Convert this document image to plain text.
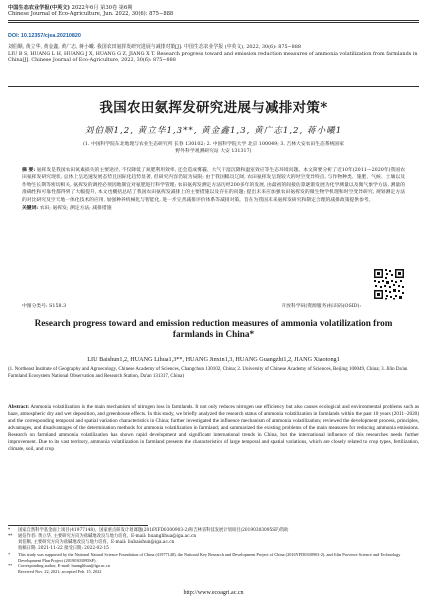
中国生态农业学报(中英文) 2022年6月 第30卷 第6期
Chinese Journal of Eco-Agriculture, Jun. 2022, 30(6): 875−888
DOI: 10.12357/cjea.20210820
刘伯顺, 黄立华, 黄金鑫, 黄广志, 蒋小曦. 我国农田氨挥发研究进展与减排对策[J]. 中国生态农业学报 (中英文), 2022, 30(6): 875−888
LIU B S, HUANG L H, HUANG J X, HUANG G Z, JIANG X T. Research progress toward and emission reduction measures of ammonia volatilization from farmlands in China[J]. Chinese Journal of Eco-Agriculture, 2022, 30(6): 875−888
我国农田氨挥发研究进展与减排对策*
刘伯顺1,2, 黄立华1,3**, 黄金鑫1,3, 黄广志1,2, 蒋小曦1
(1. 中国科学院东北地理与农业生态研究所 长春 130102; 2. 中国科学院大学 北京 100049; 3. 吉林大安农田生态系统国家
野外科学观测研究站 大安 131317)

摘 要: 氨挥发是我国农田氮素损失的主要途径, 不仅降低了氮肥利用效率, 还会造成雾霾、大气干湿沉降和温室效应等生态环境问题。本文简要分析了近10年(2011—2020年)我国农田氨挥发研究现状, 总体上呈迅速发展态势且国际化趋势显著, 但研究内容仍较为局限; 由于我国幅员辽阔, 农田氨挥发呈现较大的时空变异特点, 与作物种类、施肥、气候、土壤以及作物生长期等密切相关, 氨挥发的调控必须因地制宜对氨肥进行科学管理; 农田氨挥发测定方法历经200多年的发展, 由最初的间接估算逐渐发展为化学测量以及微气象学方法, 测量的准确性和可靠性都得到了大幅提升, 本文也概括总结了我国农田氨挥发减排上的主要措施以及存在的问题; 提出未来应加强农田氨挥发的微生物学机理和时空变异研究, 规划测定方法的对比研究及空天地一体化技术的应用, 加强种养机械化与智能化, 进一步完善减排评价体系等减排对策。旨在为我国未来氨挥发研究和制定合理的减排政策提供参考。

关键词: 农田; 氨挥发; 测定方法; 减排措施

中图分类号: S158.3	开放科学码(资源服务)标识码(OSID):
Research progress toward and emission reduction measures of ammonia volatilization from farmlands in China*
LIU Baishun1,2, HUANG Lihua1,3**, HUANG Jinxin1,3, HUANG Guangzhi1,2, JIANG Xiaotong1
(1. Northeast Institute of Geography and Agroecology, Chinese Academy of Sciences, Changchun 130102, China; 2. University of Chinese Academy of Sciences, Beijing 100049, China; 3. Jilin Da'an Farmland Ecosystem National Observation and Research Station, Da'an 131317, China)
Abstract: Ammonia volatilization is the main mechanism of nitrogen loss in farmlands. It not only reduces nitrogen use efficiency but also causes ecological and environmental problems such as haze, atmospheric dry and wet deposition, and greenhouse effects. In this study, we briefly analyzed the research status of ammonia volatilization in farmlands within the past 10 years (2011−2020) and the corresponding temporal and spatial variation characteristics in China; further investigated the influence mechanism of ammonia volatilization; reviewed the development process, principles, advantages, and disadvantages of the determination methods for ammonia volatilization in farmland; and summarized the existing problems of the main measures for reducing ammonia emissions. Research on farmland ammonia volatilization has shown rapid development and significant international trends in China, but the international influence of this researches needs further improvement. Due to its vast territory, ammonia volatilization in farmland presents the characteristics of large temporal and spatial variations, which are closely related to crop types, fertilization, climate, soil, and crop
*	国家自然科学基金面上项目(41977148)、国家重点研发计划课题(2016YFD0300903-2)和吉林省科技发展计划项目(20190303095SF)资助
**	通信作者: 黄立华, 主要研究方向为盐碱地改良与地力培育。E-mail: huanglihua@iga.ac.cn
刘伯顺, 主要研究方向为盐碱地改良与地力培育。E-mail: liubaishun@iga.ac.cn
收稿日期: 2021-11-22 接受日期: 2022-02-15
*	This study was supported by the National Natural Science Foundation of China (41977148), the National Key Research and Development Project of China (2016YFD0300903-2), and Jilin Province Science and Technology Development Plan Project (20190303095SF).
**	Corresponding author, E-mail: huanglihua@iga.ac.cn
Received Nov. 22, 2021; accepted Feb. 15, 2022
http://www.ecoagri.ac.cn
